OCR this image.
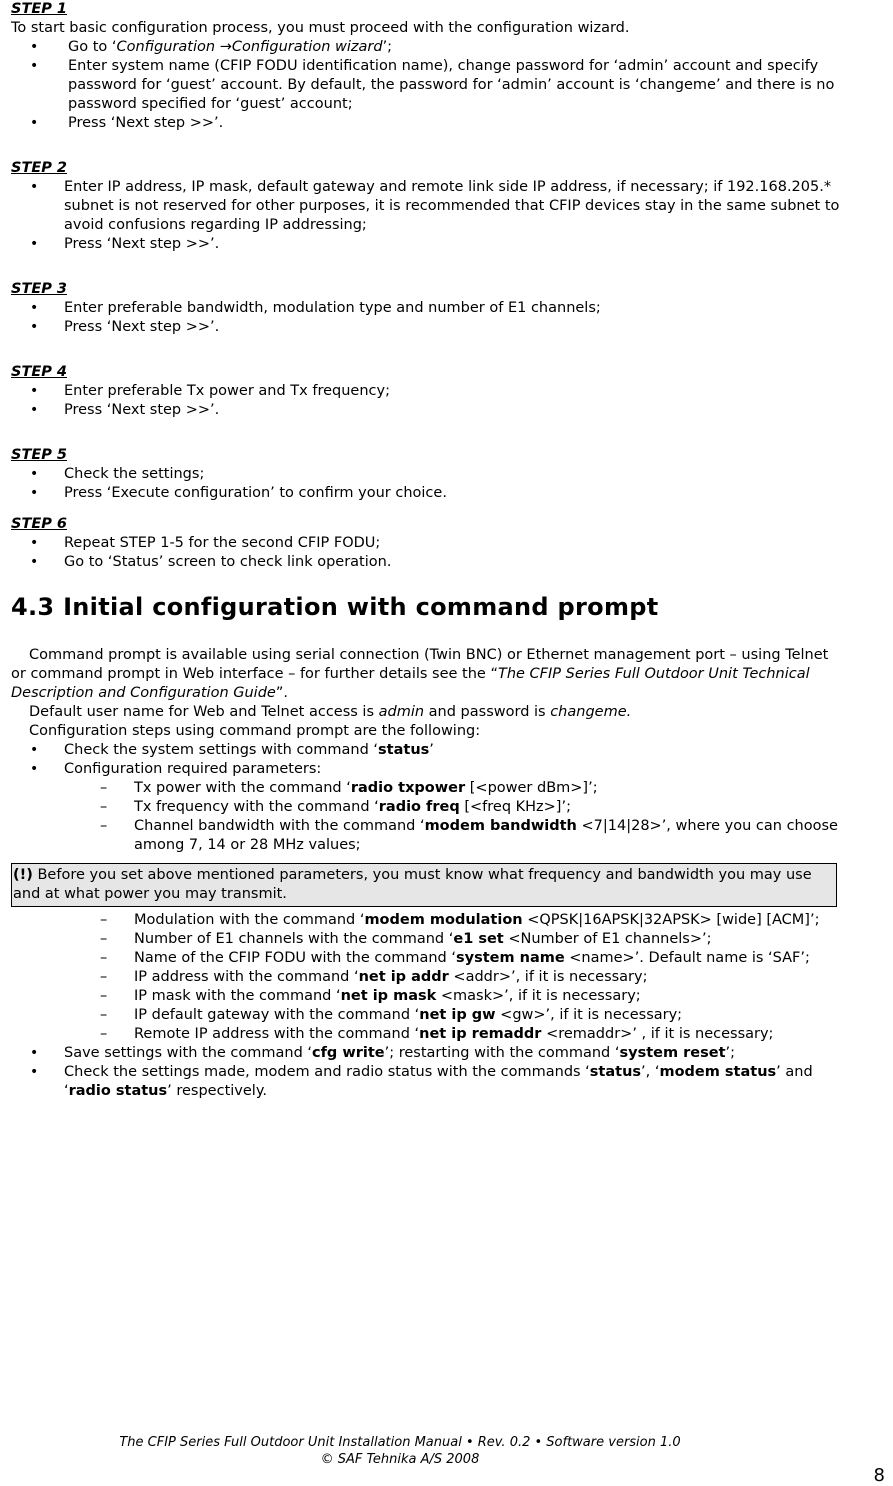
STEP 1

To start basic configuration process, you must proceed with the configuration wizard.

• Go to ‘Configuration →Configuration wizard’;
• Enter system name (CFIP FODU identification name), change password for ‘admin’ account and specify password for ‘guest’ account. By default, the password for ‘admin’ account is ‘changeme’ and there is no password specified for ‘guest’ account;
• Press ‘Next step >>’.

STEP 2

• Enter IP address, IP mask, default gateway and remote link side IP address, if necessary; if 192.168.205.* subnet is not reserved for other purposes, it is recommended that CFIP devices stay in the same subnet to avoid confusions regarding IP addressing;
• Press ‘Next step >>’.

STEP 3

• Enter preferable bandwidth, modulation type and number of E1 channels;
• Press ‘Next step >>’.

STEP 4

• Enter preferable Tx power and Tx frequency;
• Press ‘Next step >>’.

STEP 5

• Check the settings;
• Press ‘Execute configuration’ to confirm your choice.

STEP 6

• Repeat STEP 1-5 for the second CFIP FODU;
• Go to ‘Status’ screen to check link operation.
4.3 Initial configuration with command prompt

Command prompt is available using serial connection (Twin BNC) or Ethernet management port – using Telnet or command prompt in Web interface – for further details see the “The CFIP Series Full Outdoor Unit Technical Description and Configuration Guide”.

Default user name for Web and Telnet access is admin and password is changeme.

Configuration steps using command prompt are the following:

• Check the system settings with command ‘status’
• Configuration required parameters:
– Tx power with the command ‘radio txpower [<power dBm>]’;
– Tx frequency with the command ‘radio freq [<freq KHz>]’;
– Channel bandwidth with the command ‘modem bandwidth <7|14|28>’, where you can choose among 7, 14 or 28 MHz values;
(!) Before you set above mentioned parameters, you must know what frequency and bandwidth you may use and at what power you may transmit.
– Modulation with the command ‘modem modulation <QPSK|16APSK|32APSK> [wide] [ACM]’;
– Number of E1 channels with the command ‘e1 set <Number of E1 channels>’;
– Name of the CFIP FODU with the command ‘system name <name>’. Default name is ‘SAF’;
– IP address with the command ‘net ip addr <addr>’, if it is necessary;
– IP mask with the command ‘net ip mask <mask>’, if it is necessary;
– IP default gateway with the command ‘net ip gw <gw>’, if it is necessary;
– Remote IP address with the command ‘net ip remaddr <remaddr>’ , if it is necessary;
• Save settings with the command ‘cfg write’; restarting with the command ‘system reset’;
• Check the settings made, modem and radio status with the commands ‘status’, ‘modem status’ and ‘radio status’ respectively.
The CFIP Series Full Outdoor Unit Installation Manual • Rev. 0.2 • Software version 1.0
© SAF Tehnika A/S 2008
8
